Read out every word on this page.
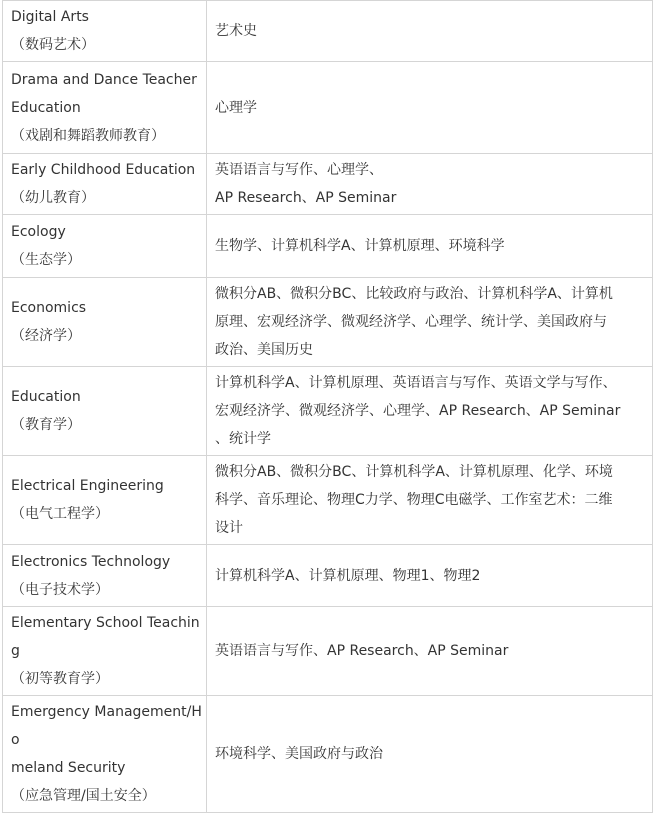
Digital Arts
（数码艺术）	艺术史

Drama and Dance Teacher
Education
（戏剧和舞蹈教师教育）	心理学

Early Childhood Education
（幼儿教育）	英语语言与写作、心理学、
AP Research、AP Seminar

Ecology
（生态学）	生物学、计算机科学A、计算机原理、环境科学

Economics
（经济学）	微积分AB、微积分BC、比较政府与政治、计算机科学A、计算机
原理、宏观经济学、微观经济学、心理学、统计学、美国政府与
政治、美国历史

Education
（教育学）	计算机科学A、计算机原理、英语语言与写作、英语文学与写作、
宏观经济学、微观经济学、心理学、AP Research、AP Seminar
、统计学

Electrical Engineering
（电气工程学）	微积分AB、微积分BC、计算机科学A、计算机原理、化学、环境
科学、音乐理论、物理C力学、物理C电磁学、工作室艺术：二维
设计

Electronics Technology
（电子技术学）	计算机科学A、计算机原理、物理1、物理2

Elementary School Teaching
（初等教育学）	英语语言与写作、AP Research、AP Seminar

Emergency Management/Ho
meland Security
（应急管理/国土安全）	环境科学、美国政府与政治
